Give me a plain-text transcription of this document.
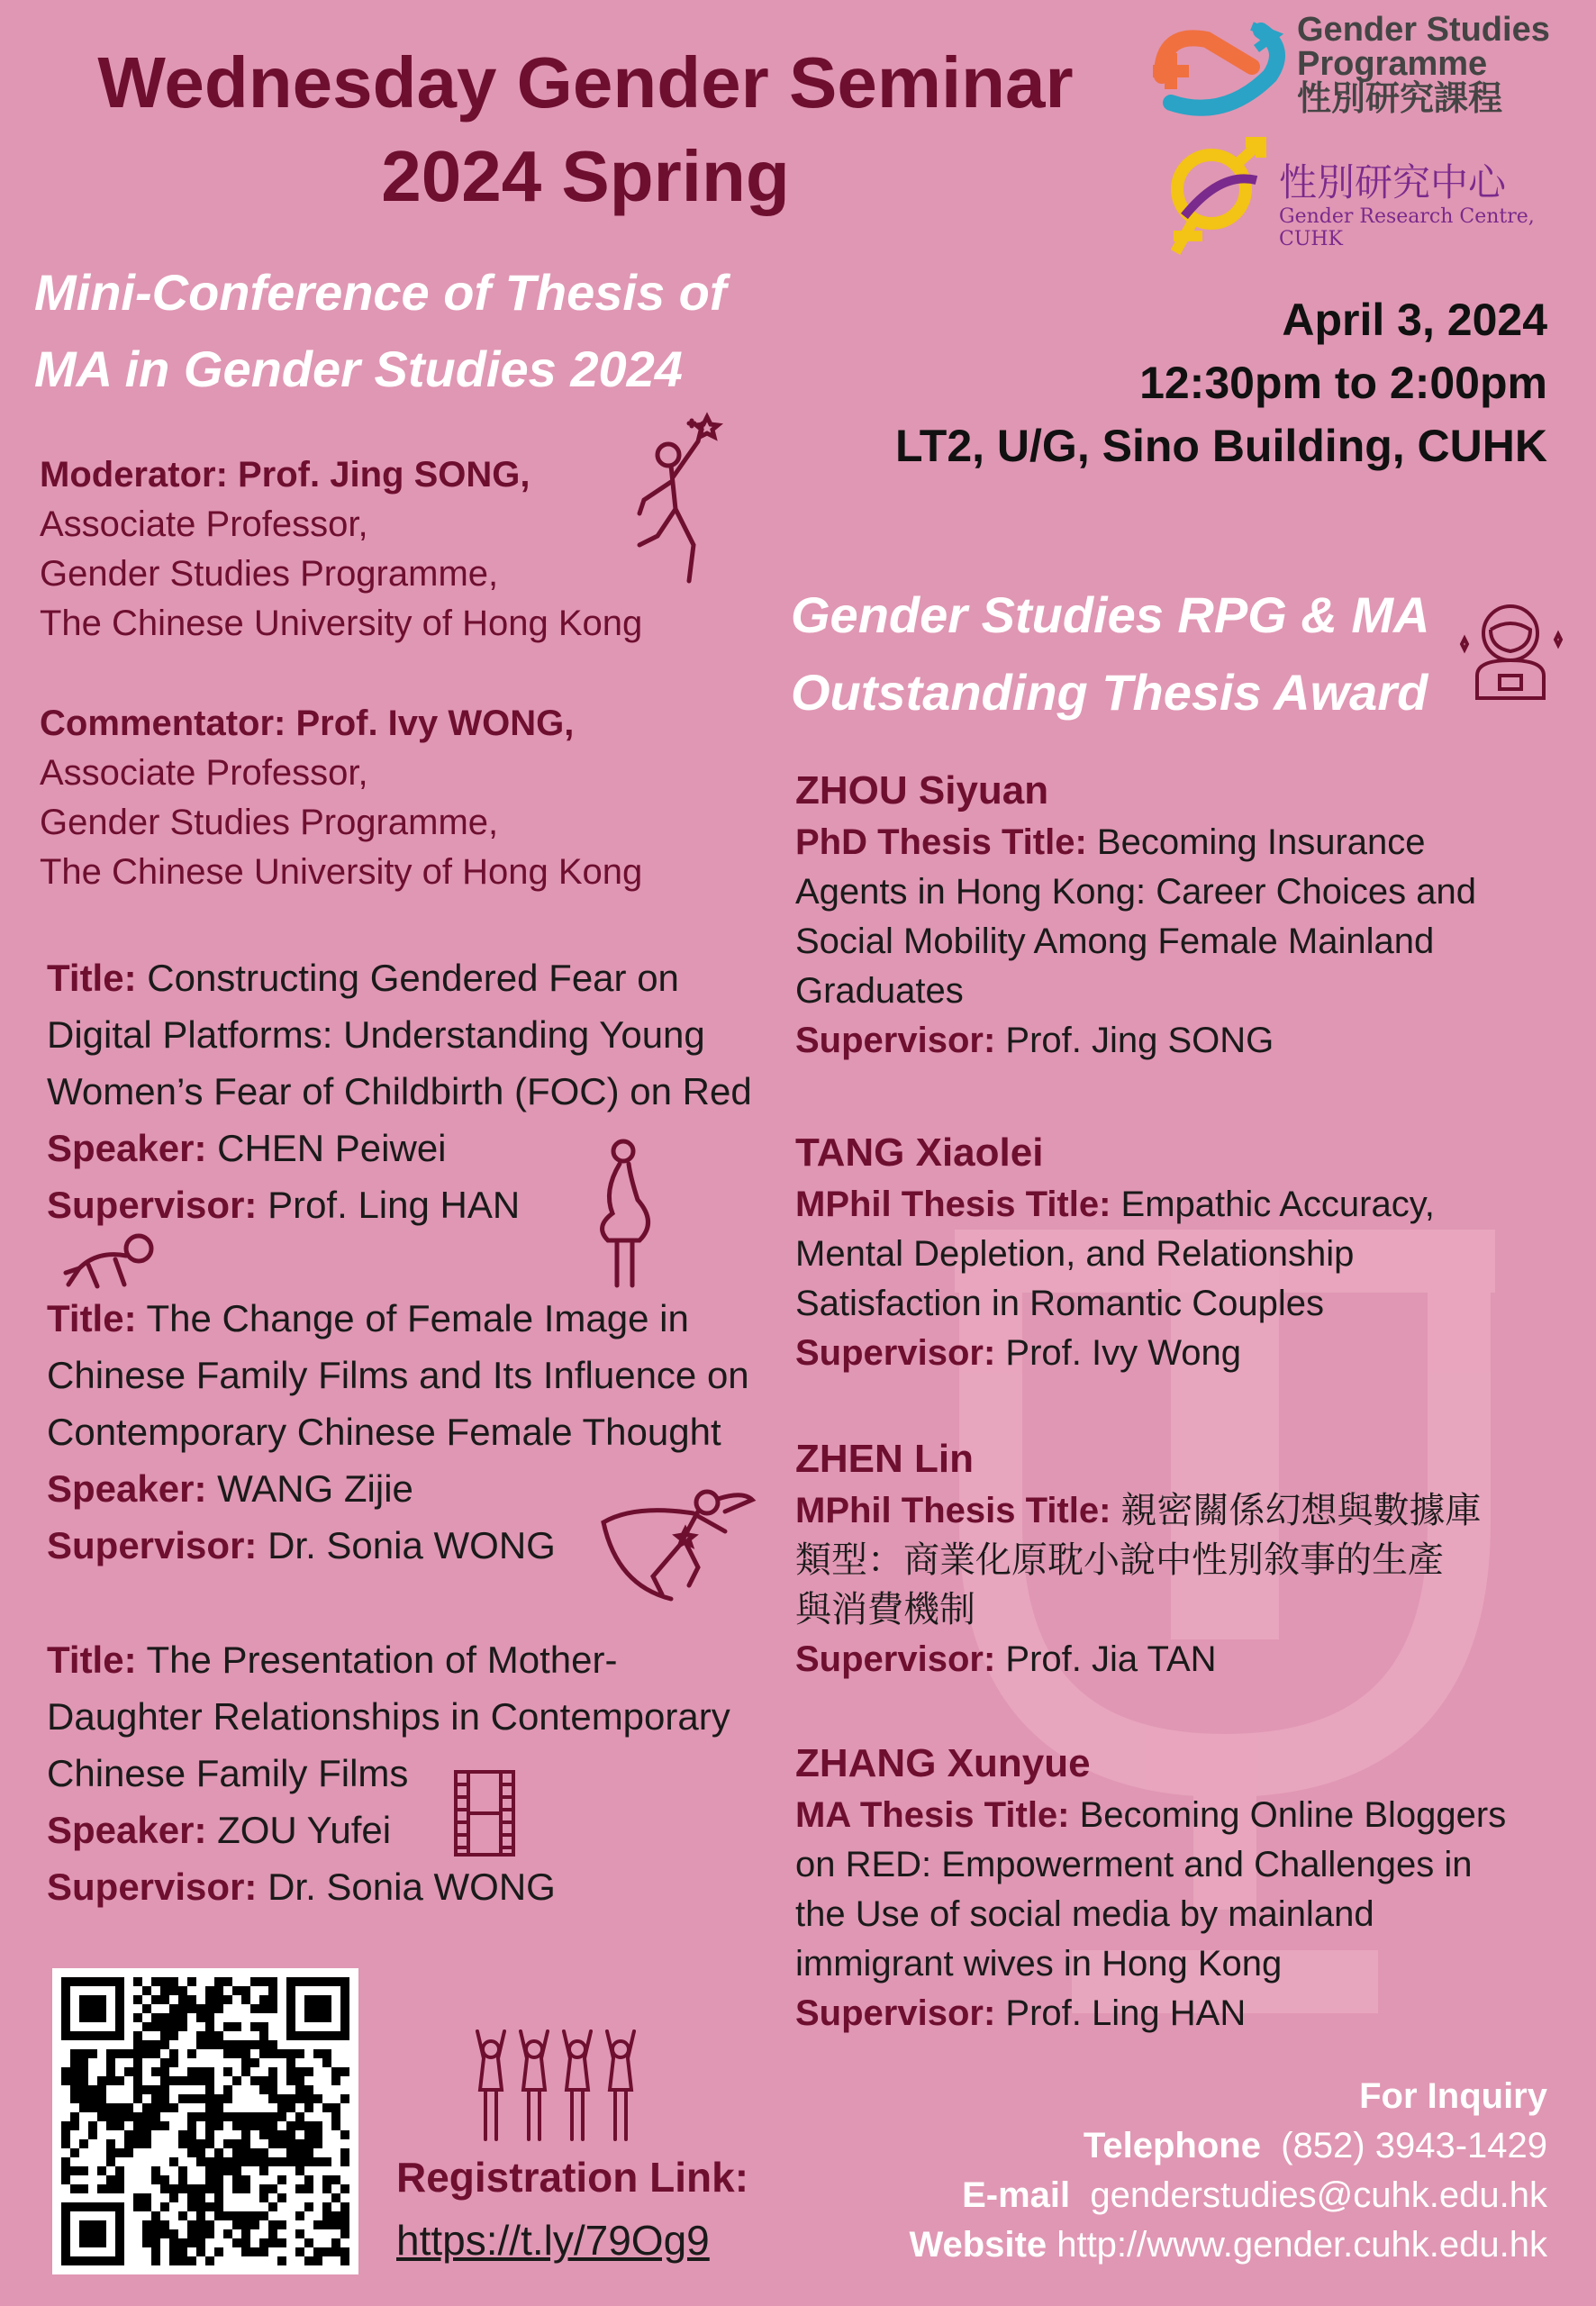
Wednesday Gender Seminar
2024 Spring
Gender Studies
Programme
性別研究課程
性別研究中心
Gender Research Centre, CUHK
Mini-Conference of Thesis of
MA in Gender Studies 2024
April 3, 2024
12:30pm to 2:00pm
LT2, U/G, Sino Building, CUHK
Moderator: Prof. Jing SONG,
Associate Professor,
Gender Studies Programme,
The Chinese University of Hong Kong
Commentator: Prof. Ivy WONG,
Associate Professor,
Gender Studies Programme,
The Chinese University of Hong Kong
Title: Constructing Gendered Fear on
Digital Platforms: Understanding Young
Women’s Fear of Childbirth (FOC) on Red
Speaker: CHEN Peiwei
Supervisor: Prof. Ling HAN
Title: The Change of Female Image in
Chinese Family Films and Its Influence on
Contemporary Chinese Female Thought
Speaker: WANG Zijie
Supervisor: Dr. Sonia WONG
Title: The Presentation of Mother-
Daughter Relationships in Contemporary
Chinese Family Films
Speaker: ZOU Yufei
Supervisor: Dr. Sonia WONG
Gender Studies RPG & MA
Outstanding Thesis Award
ZHOU Siyuan
PhD Thesis Title: Becoming Insurance
Agents in Hong Kong: Career Choices and
Social Mobility Among Female Mainland
Graduates
Supervisor: Prof. Jing SONG
TANG Xiaolei
MPhil Thesis Title: Empathic Accuracy,
Mental Depletion, and Relationship
Satisfaction in Romantic Couples
Supervisor: Prof. Ivy Wong
ZHEN Lin
MPhil Thesis Title: 親密關係幻想與數據庫
類型：商業化原耽小說中性別敘事的生產
與消費機制
Supervisor: Prof. Jia TAN
ZHANG Xunyue
MA Thesis Title: Becoming Online Bloggers
on RED: Empowerment and Challenges in
the Use of social media by mainland
immigrant wives in Hong Kong
Supervisor: Prof. Ling HAN
Registration Link:
https://t.ly/79Og9
For Inquiry
Telephone (852) 3943-1429
E-mail genderstudies@cuhk.edu.hk
Website http://www.gender.cuhk.edu.hk
